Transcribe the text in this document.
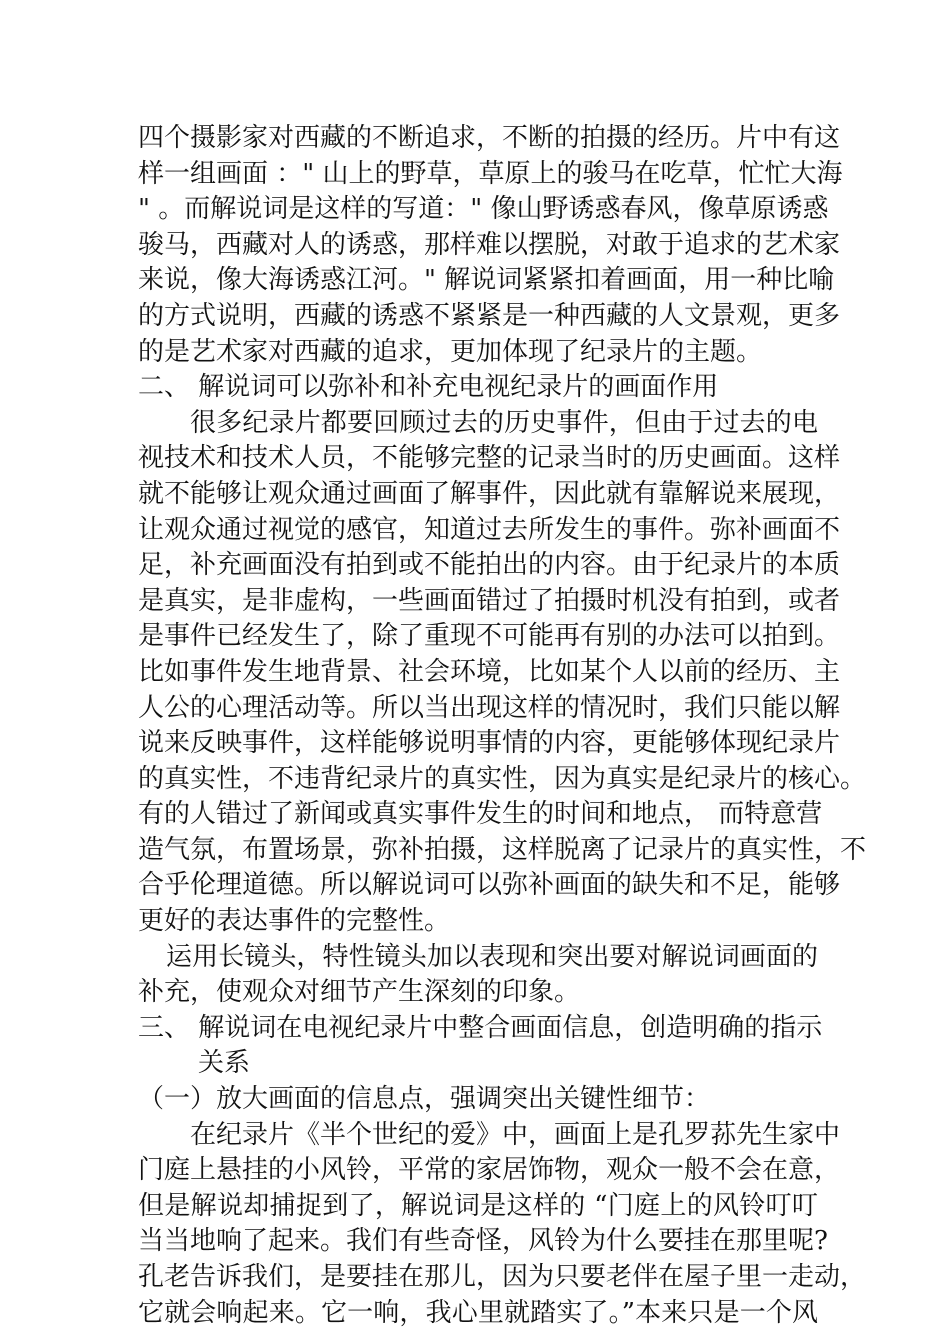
四个摄影家对西藏的不断追求，不断的拍摄的经历。片中有这
样一组画面 ：" 山上的野草，草原上的骏马在吃草，忙忙大海
" 。而解说词是这样的写道：" 像山野诱惑春风，像草原诱惑
骏马，西藏对人的诱惑，那样难以摆脱，对敢于追求的艺术家
来说，像大海诱惑江河。" 解说词紧紧扣着画面，用一种比喻
的方式说明，西藏的诱惑不紧紧是一种西藏的人文景观，更多
的是艺术家对西藏的追求，更加体现了纪录片的主题。
二、 解说词可以弥补和补充电视纪录片的画面作用
很多纪录片都要回顾过去的历史事件，但由于过去的电
视技术和技术人员，不能够完整的记录当时的历史画面。这样
就不能够让观众通过画面了解事件，因此就有靠解说来展现，
让观众通过视觉的感官，知道过去所发生的事件。弥补画面不
足，补充画面没有拍到或不能拍出的内容。由于纪录片的本质
是真实，是非虚构，一些画面错过了拍摄时机没有拍到，或者
是事件已经发生了，除了重现不可能再有别的办法可以拍到。
比如事件发生地背景、社会环境，比如某个人以前的经历、主
人公的心理活动等。所以当出现这样的情况时，我们只能以解
说来反映事件，这样能够说明事情的内容，更能够体现纪录片
的真实性，不违背纪录片的真实性，因为真实是纪录片的核心。
有的人错过了新闻或真实事件发生的时间和地点， 而特意营
造气氛，布置场景，弥补拍摄，这样脱离了记录片的真实性，不
合乎伦理道德。所以解说词可以弥补画面的缺失和不足，能够
更好的表达事件的完整性。
运用长镜头，特性镜头加以表现和突出要对解说词画面的
补充，使观众对细节产生深刻的印象。
三、 解说词在电视纪录片中整合画面信息，创造明确的指示
关系
（一）放大画面的信息点，强调突出关键性细节：
在纪录片《半个世纪的爱》中，画面上是孔罗荪先生家中
门庭上悬挂的小风铃，平常的家居饰物，观众一般不会在意，
但是解说却捕捉到了，解说词是这样的 “门庭上的风铃叮叮
当当地响了起来。我们有些奇怪，风铃为什么要挂在那里呢?
孔老告诉我们，是要挂在那儿，因为只要老伴在屋子里一走动，
它就会响起来。它一响，我心里就踏实了。”本来只是一个风
